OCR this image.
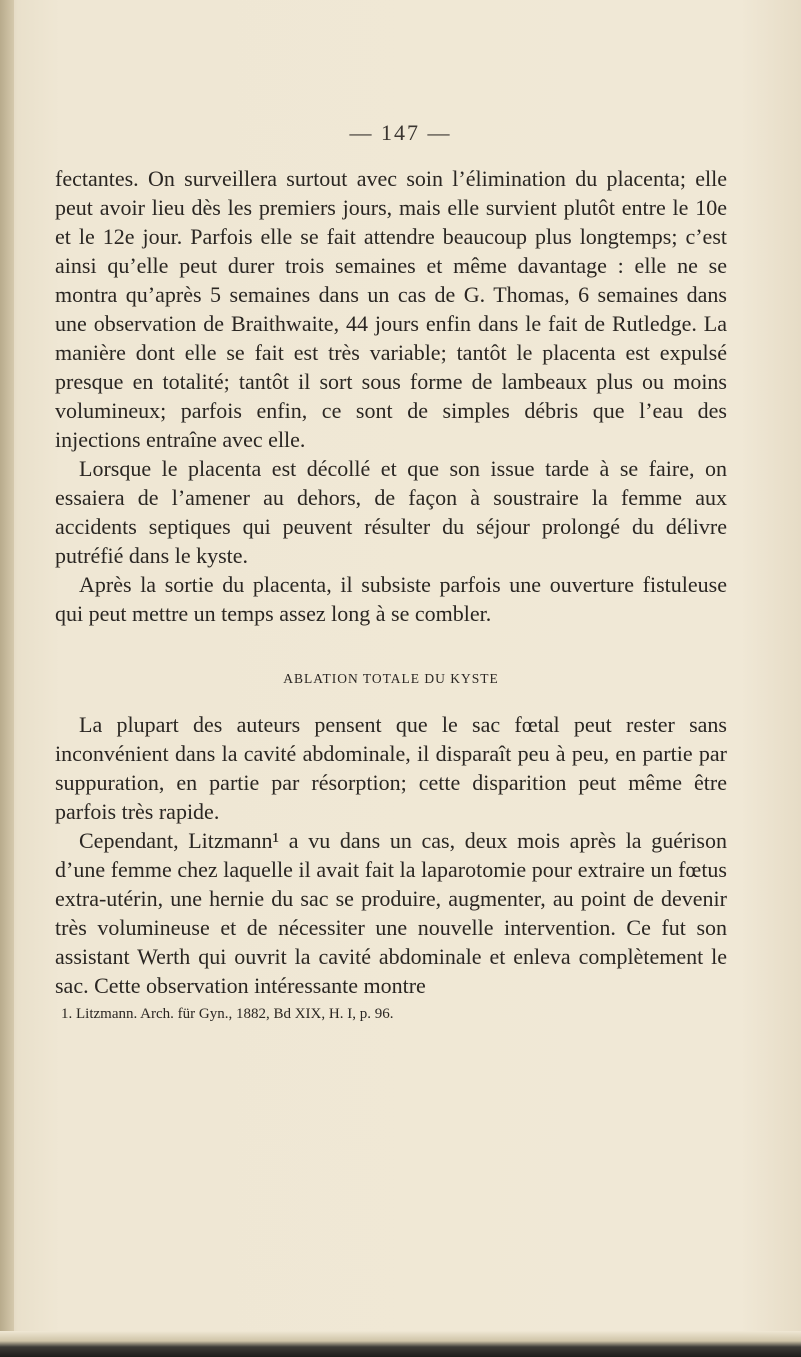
— 147 —

fectantes. On surveillera surtout avec soin l’élimination du placenta; elle peut avoir lieu dès les premiers jours, mais elle survient plutôt entre le 10e et le 12e jour. Parfois elle se fait attendre beaucoup plus longtemps; c’est ainsi qu’elle peut durer trois semaines et même davantage : elle ne se montra qu’après 5 semaines dans un cas de G. Thomas, 6 semaines dans une observation de Braithwaite, 44 jours enfin dans le fait de Rutledge. La manière dont elle se fait est très variable; tantôt le placenta est expulsé presque en totalité; tantôt il sort sous forme de lambeaux plus ou moins volumineux; parfois enfin, ce sont de simples débris que l’eau des injections entraîne avec elle.

Lorsque le placenta est décollé et que son issue tarde à se faire, on essaiera de l’amener au dehors, de façon à soustraire la femme aux accidents septiques qui peuvent résulter du séjour prolongé du délivre putréfié dans le kyste.

Après la sortie du placenta, il subsiste parfois une ouverture fistuleuse qui peut mettre un temps assez long à se combler.

ABLATION TOTALE DU KYSTE

La plupart des auteurs pensent que le sac fœtal peut rester sans inconvénient dans la cavité abdominale, il disparaît peu à peu, en partie par suppuration, en partie par résorption; cette disparition peut même être parfois très rapide.

Cependant, Litzmann¹ a vu dans un cas, deux mois après la guérison d’une femme chez laquelle il avait fait la laparotomie pour extraire un fœtus extra-utérin, une hernie du sac se produire, augmenter, au point de devenir très volumineuse et de nécessiter une nouvelle intervention. Ce fut son assistant Werth qui ouvrit la cavité abdominale et enleva complètement le sac. Cette observation intéressante montre

1. Litzmann. Arch. für Gyn., 1882, Bd XIX, H. I, p. 96.
